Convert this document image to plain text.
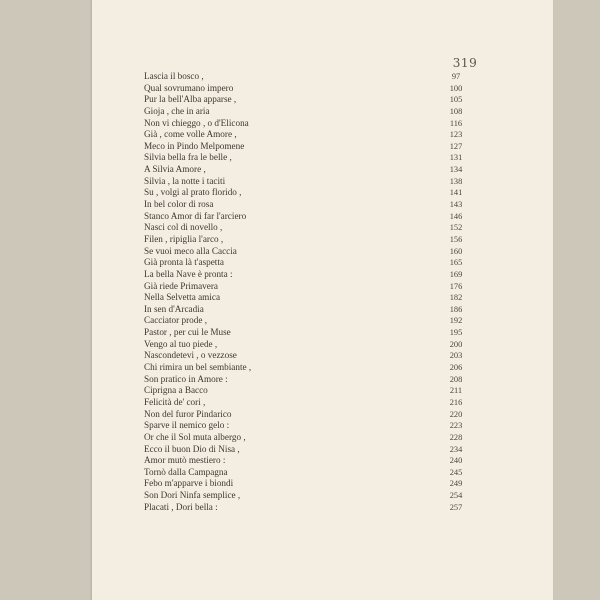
319
Lascia il bosco ,	97
Qual sovrumano impero	100
Pur la bell'Alba apparse ,	105
Gioja , che in aria	108
Non vi chieggo , o d'Elicona	116
Già , come volle Amore ,	123
Meco in Pindo Melpomene	127
Silvia bella fra le belle ,	131
A Silvia Amore ,	134
Silvia , la notte i taciti	138
Su , volgi al prato florido ,	141
In bel color di rosa	143
Stanco Amor di far l'arciero	146
Nasci col di novello ,	152
Filen , ripiglia l'arco ,	156
Se vuoi meco alla Caccia	160
Già pronta là t'aspetta	165
La bella Nave è pronta :	169
Già riede Primavera	176
Nella Selvetta amica	182
In sen d'Arcadia	186
Cacciator prode ,	192
Pastor , per cui le Muse	195
Vengo al tuo piede ,	200
Nascondetevi , o vezzose	203
Chi rimira un bel sembiante ,	206
Son pratico in Amore :	208
Ciprigna a Bacco	211
Felicità de' cori ,	216
Non del furor Pindarico	220
Sparve il nemico gelo :	223
Or che il Sol muta albergo ,	228
Ecco il buon Dio di Nisa ,	234
Amor mutò mestiero :	240
Tornò dalla Campagna	245
Febo m'apparve i biondi	249
Son Dori Ninfa semplice ,	254
Placati , Dori bella :	257
